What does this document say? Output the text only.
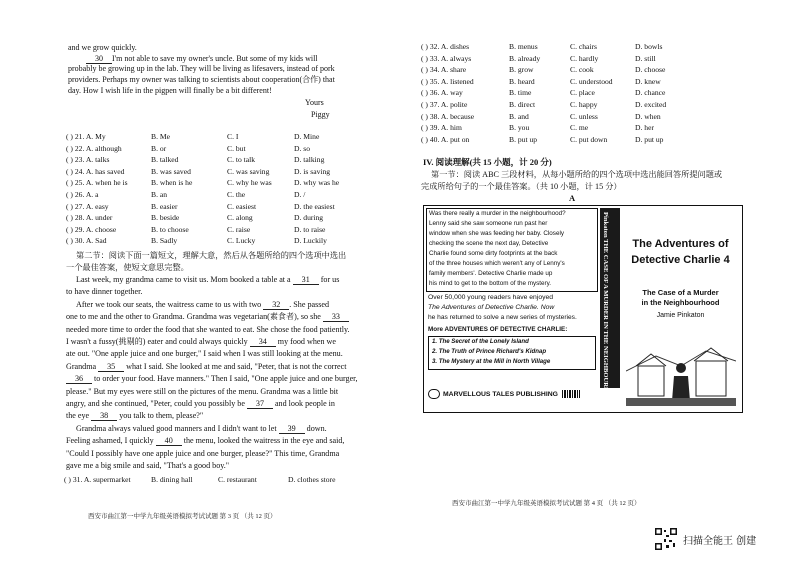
and we grow quickly.
30 I'm not able to save my owner's uncle. But some of my kids will
probably be growing up in the lab. They will be living as lifesavers, instead of pork
providers. Perhaps my owner was talking to scientists about cooperation(合作) that
day. How I wish life in the pigpen will finally be a bit different!
Yours
Piggy
( ) 21. A. My	B. Me	C. I	D. Mine
( ) 22. A. although	B. or	C. but	D. so
( ) 23. A. talks	B. talked	C. to talk	D. talking
( ) 24. A. has saved	B. was saved	C. was saving	D. is saving
( ) 25. A. when he is	B. when is he	C. why he was	D. why was he
( ) 26. A. a	B. an	C. the	D. /
( ) 27. A. easy	B. easier	C. easiest	D. the easiest
( ) 28. A. under	B. beside	C. along	D. during
( ) 29. A. choose	B. to choose	C. raise	D. to raise
( ) 30. A. Sad	B. Sadly	C. Lucky	D. Luckily
第二节：阅读下面一篇短文，理解大意，然后从各题所给的四个选项中选出
一个最佳答案，使短文意思完整。
Last week, my grandma came to visit us. Mom booked a table at a 31 for us
to have dinner together.
After we took our seats, the waitress came to us with two 32 . She passed
one to me and the other to Grandma. Grandma was vegetarian(素食者), so she 33
needed more time to order the food that she wanted to eat. She chose the food patiently.
I wasn't a fussy(挑剔的) eater and could always quickly 34 my food when we
ate out. "One apple juice and one burger," I said when I was still looking at the menu.
Grandma 35 what I said. She looked at me and said, "Peter, that is not the correct
36 to order your food. Have manners." Then I said, "One apple juice and one burger,
please." But my eyes were still on the pictures of the menu. Grandma was a little bit
angry, and she continued, "Peter, could you possibly be 37 and look people in
the eye 38 you talk to them, please?"
Grandma always valued good manners and I didn't want to let 39 down.
Feeling ashamed, I quickly 40 the menu, looked the waitress in the eye and said,
"Could I possibly have one apple juice and one burger, please?" This time, Grandma
gave me a big smile and said, "That's a good boy."
( ) 31. A. supermarket	B. dining hall	C. restaurant	D. clothes store
西安市曲江第一中学九年级英语模拟考试试题 第 3 页 （共 12 页）
( ) 32. A. dishes	B. menus	C. chairs	D. bowls
( ) 33. A. always	B. already	C. hardly	D. still
( ) 34. A. share	B. grow	C. cook	D. choose
( ) 35. A. listened	B. heard	C. understood	D. knew
( ) 36. A. way	B. time	C. place	D. chance
( ) 37. A. polite	B. direct	C. happy	D. excited
( ) 38. A. because	B. and	C. unless	D. when
( ) 39. A. him	B. you	C. me	D. her
( ) 40. A. put on	B. put up	C. put down	D. put up
IV. 阅读理解(共 15 小题，计 20 分)
第一节：阅读 ABC 三段材料，从每小题所给的四个选项中选出能回答所提问题或
完成所给句子的一个最佳答案。（共 10 小题，计 15 分）
A
西安市曲江第一中学九年级英语模拟考试试题 第 4 页 （共 12 页）
Was there really a murder in the neighbourhood?
Lenny said she saw someone run past her
window when she was feeding her baby. Closely
checking the scene the next day, Detective
Charlie found some dirty footprints at the back
of the three houses which weren't any of Lenny's
family members'. Detective Charlie made up
his mind to get to the bottom of the mystery.
Over 50,000 young readers have enjoyed
The Adventures of Detective Charlie. Now
he has returned to solve a new series of mysteries.
More ADVENTURES OF DETECTIVE CHARLIE:
1. The Secret of the Lonely Island
2. The Truth of Prince Richard's Kidnap
3. The Mystery at the Mill in North Village
MARVELLOUS TALES PUBLISHING	Pinkaton THE CASE OF A MURDER IN THE NEIGHBOURHOOD	The Adventures of
Detective Charlie 4
The Case of a Murder
in the Neighbourhood
Jamie Pinkaton
扫描全能王 创建
